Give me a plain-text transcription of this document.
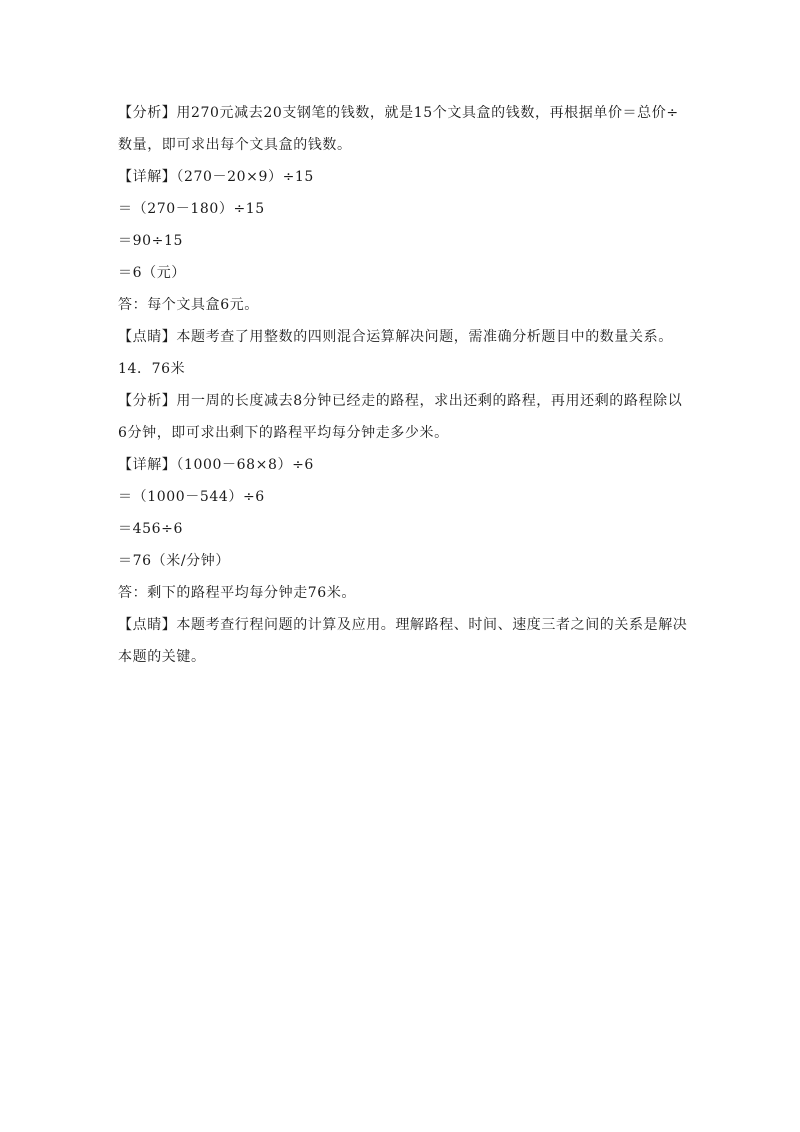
【分析】用270元减去20支钢笔的钱数，就是15个文具盒的钱数，再根据单价＝总价÷
数量，即可求出每个文具盒的钱数。
【详解】（270－20×9）÷15
＝（270－180）÷15
＝90÷15
＝6（元）
答：每个文具盒6元。
【点睛】本题考查了用整数的四则混合运算解决问题，需准确分析题目中的数量关系。
14．76米
【分析】用一周的长度减去8分钟已经走的路程，求出还剩的路程，再用还剩的路程除以
6分钟，即可求出剩下的路程平均每分钟走多少米。
【详解】（1000－68×8）÷6
＝（1000－544）÷6
＝456÷6
＝76（米/分钟）
答：剩下的路程平均每分钟走76米。
【点睛】本题考查行程问题的计算及应用。理解路程、时间、速度三者之间的关系是解决
本题的关键。
